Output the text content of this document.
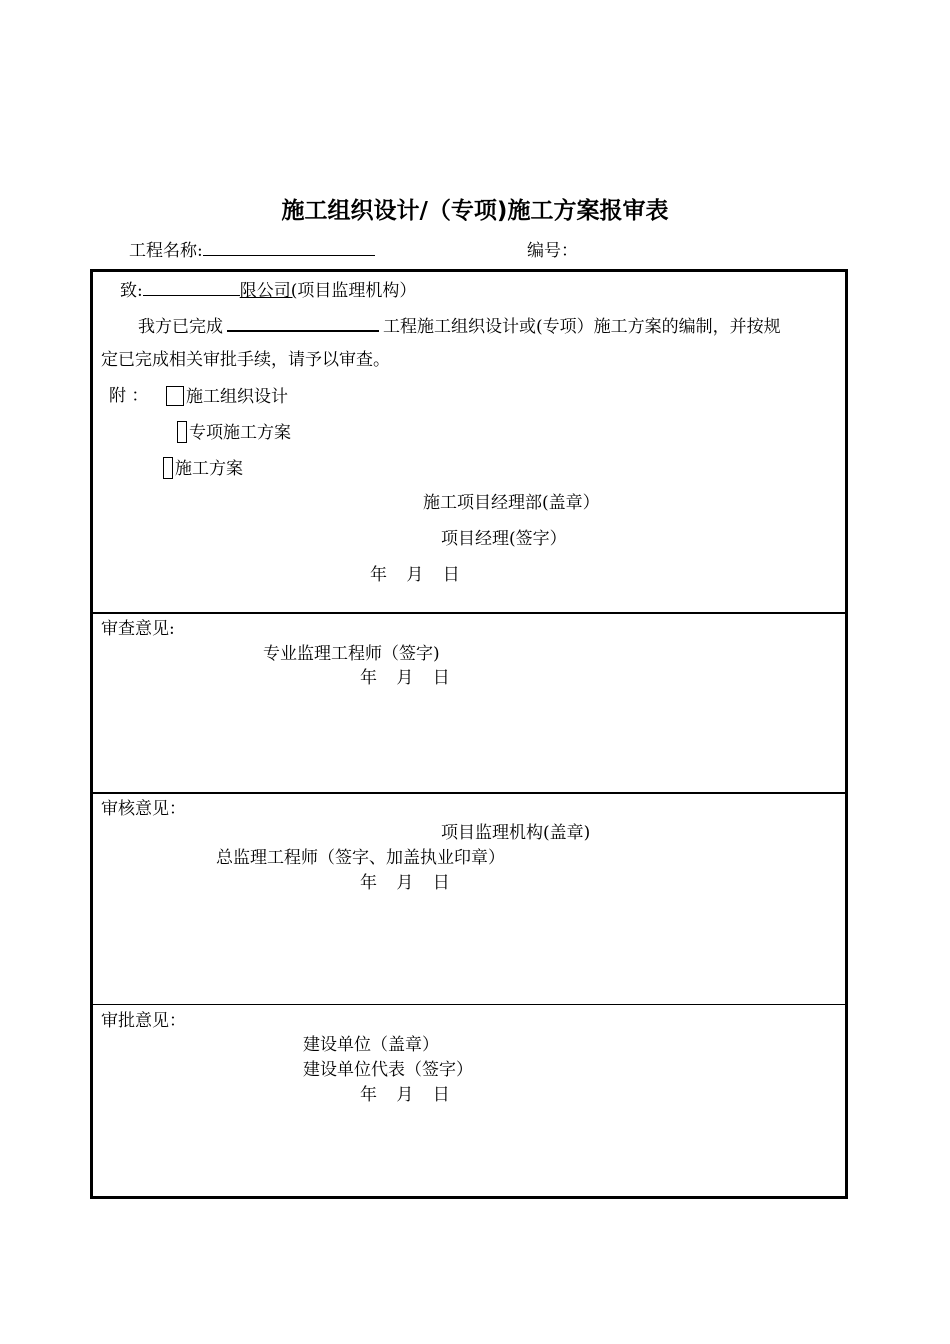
施工组织设计/（专项)施工方案报审表
工程名称:	编号：
致:	限公司(项目监理机构）
我方已完成	工程施工组织设计或(专项）施工方案的编制，并按规
定已完成相关审批手续，请予以审查。
附 ：	施工组织设计
专项施工方案
施工方案
施工项目经理部(盖章）
项目经理(签字）
年 月 日
审查意见:
专业监理工程师（签字)
年 月 日
审核意见：
项目监理机构(盖章)
总监理工程师（签字、加盖执业印章）
年 月 日
审批意见：
建设单位（盖章）
建设单位代表（签字）
年 月 日
